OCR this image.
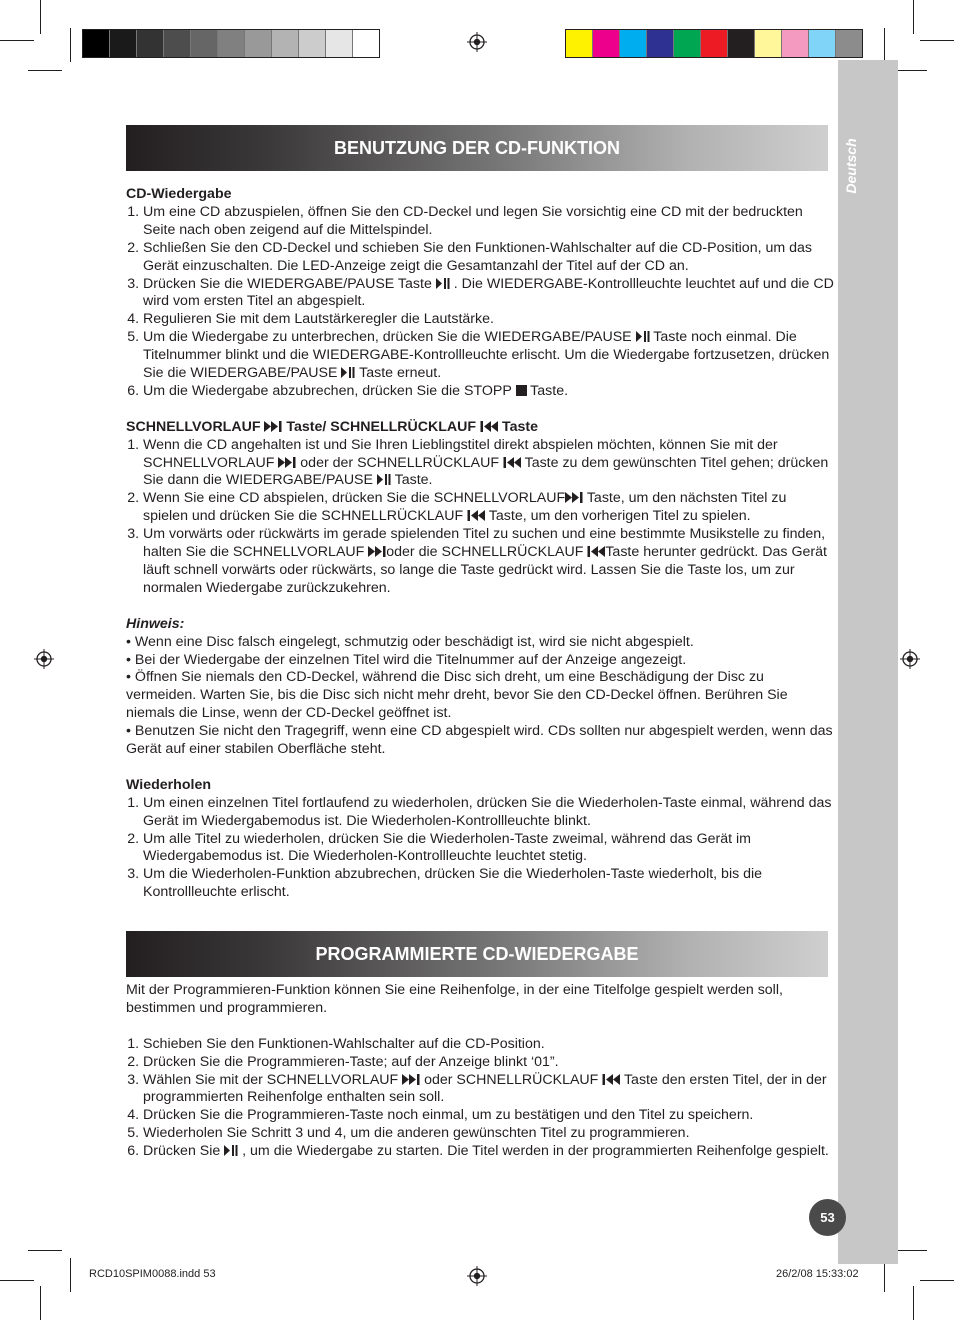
Deutsch
BENUTZUNG DER CD-FUNKTION

CD-Wiedergabe

1. Um eine CD abzuspielen, öffnen Sie den CD-Deckel und legen Sie vorsichtig eine CD mit der bedruckten Seite nach oben zeigend auf die Mittelspindel.
2. Schließen Sie den CD-Deckel und schieben Sie den Funktionen-Wahlschalter auf die CD-Position, um das Gerät einzuschalten. Die LED-Anzeige zeigt die Gesamtanzahl der Titel auf der CD an.
3. Drücken Sie die WIEDERGABE/PAUSE Taste  . Die WIEDERGABE-Kontrollleuchte leuchtet auf und die CD wird vom ersten Titel an abgespielt.
4. Regulieren Sie mit dem Lautstärkeregler die Lautstärke.
5. Um die Wiedergabe zu unterbrechen, drücken Sie die WIEDERGABE/PAUSE  Taste noch einmal. Die Titelnummer blinkt und die WIEDERGABE-Kontrollleuchte erlischt. Um die Wiedergabe fortzusetzen, drücken Sie die WIEDERGABE/PAUSE  Taste erneut.
6. Um die Wiedergabe abzubrechen, drücken Sie die STOPP  Taste.

SCHNELLVORLAUF  Taste/ SCHNELLRÜCKLAUF  Taste

1. Wenn die CD angehalten ist und Sie Ihren Lieblingstitel direkt abspielen möchten, können Sie mit der SCHNELLVORLAUF  oder der SCHNELLRÜCKLAUF  Taste zu dem gewünschten Titel gehen; drücken Sie dann die WIEDERGABE/PAUSE  Taste.
2. Wenn Sie eine CD abspielen, drücken Sie die SCHNELLVORLAUF Taste, um den nächsten Titel zu spielen und drücken Sie die SCHNELLRÜCKLAUF  Taste, um den vorherigen Titel zu spielen.
3. Um vorwärts oder rückwärts im gerade spielenden Titel zu suchen und eine bestimmte Musikstelle zu finden, halten Sie die SCHNELLVORLAUF oder die SCHNELLRÜCKLAUF Taste herunter gedrückt. Das Gerät läuft schnell vorwärts oder rückwärts, so lange die Taste gedrückt wird. Lassen Sie die Taste los, um zur normalen Wiedergabe zurückzukehren.

Hinweis:

• Wenn eine Disc falsch eingelegt, schmutzig oder beschädigt ist, wird sie nicht abgespielt.

• Bei der Wiedergabe der einzelnen Titel wird die Titelnummer auf der Anzeige angezeigt.

• Öffnen Sie niemals den CD-Deckel, während die Disc sich dreht, um eine Beschädigung der Disc zu vermeiden. Warten Sie, bis die Disc sich nicht mehr dreht, bevor Sie den CD-Deckel öffnen. Berühren Sie niemals die Linse, wenn der CD-Deckel geöffnet ist.

• Benutzen Sie nicht den Tragegriff, wenn eine CD abgespielt wird. CDs sollten nur abgespielt werden, wenn das Gerät auf einer stabilen Oberfläche steht.

Wiederholen

1. Um einen einzelnen Titel fortlaufend zu wiederholen, drücken Sie die Wiederholen-Taste einmal, während das Gerät im Wiedergabemodus ist. Die Wiederholen-Kontrollleuchte blinkt.
2. Um alle Titel zu wiederholen, drücken Sie die Wiederholen-Taste zweimal, während das Gerät im Wiedergabemodus ist. Die Wiederholen-Kontrollleuchte leuchtet stetig.
3. Um die Wiederholen-Funktion abzubrechen, drücken Sie die Wiederholen-Taste wiederholt, bis die Kontrollleuchte erlischt.
PROGRAMMIERTE CD-WIEDERGABE

Mit der Programmieren-Funktion können Sie eine Reihenfolge, in der eine Titelfolge gespielt werden soll, bestimmen und programmieren.

1. Schieben Sie den Funktionen-Wahlschalter auf die CD-Position.
2. Drücken Sie die Programmieren-Taste; auf der Anzeige blinkt ‘01”.
3. Wählen Sie mit der SCHNELLVORLAUF  oder SCHNELLRÜCKLAUF  Taste den ersten Titel, der in der programmierten Reihenfolge enthalten sein soll.
4. Drücken Sie die Programmieren-Taste noch einmal, um zu bestätigen und den Titel zu speichern.
5. Wiederholen Sie Schritt 3 und 4, um die anderen gewünschten Titel zu programmieren.
6. Drücken Sie  , um die Wiedergabe zu starten. Die Titel werden in der programmierten Reihenfolge gespielt.
53
RCD10SPIM0088.indd 53	26/2/08 15:33:02
